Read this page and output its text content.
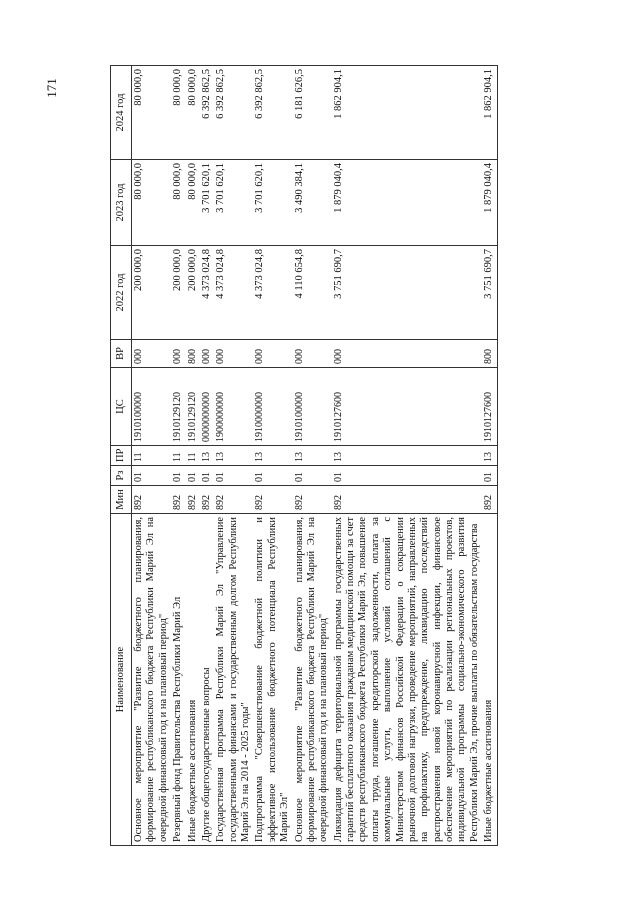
171
Наименование	Мин	Рз	ПР	ЦС	ВР	2022 год	2023 год	2024 год
Основное мероприятие "Развитие бюджетного планирования, формирование республиканского бюджета Республики Марий Эл на очередной финансовый год и на плановый период"	892	01	11	1910100000	000	200 000,0	80 000,0	80 000,0
Резервный фонд Правительства Республики Марий Эл	892	01	11	1910129120	000	200 000,0	80 000,0	80 000,0
Иные бюджетные ассигнования	892	01	11	1910129120	800	200 000,0	80 000,0	80 000,0
Другие общегосударственные вопросы	892	01	13	0000000000	000	4 373 024,8	3 701 620,1	6 392 862,5
Государственная программа Республики Марий Эл "Управление государственными финансами и государственным долгом Республики Марий Эл на 2014 - 2025 годы"	892	01	13	1900000000	000	4 373 024,8	3 701 620,1	6 392 862,5
Подпрограмма "Совершенствование бюджетной политики и эффективное использование бюджетного потенциала Республики Марий Эл"	892	01	13	1910000000	000	4 373 024,8	3 701 620,1	6 392 862,5
Основное мероприятие "Развитие бюджетного планирования, формирование республиканского бюджета Республики Марий Эл на очередной финансовый год и на плановый период"	892	01	13	1910100000	000	4 110 654,8	3 490 384,1	6 181 626,5
Ликвидация дефицита территориальной программы государственных гарантий бесплатного оказания гражданам медицинской помощи за счет средств республиканского бюджета Республики Марий Эл, повышение оплаты труда, погашение кредиторской задолженности, оплата за коммунальные услуги, выполнение условий соглашений с Министерством финансов Российской Федерации о сокращении рыночной долговой нагрузки, проведение мероприятий, направленных на профилактику, предупреждение, ликвидацию последствий распространения новой коронавирусной инфекции, финансовое обеспечение мероприятий по реализации региональных проектов, индивидуальной программы социально-экономического развития Республики Марий Эл, прочие выплаты по обязательствам государства	892	01	13	1910127600	000	3 751 690,7	1 879 040,4	1 862 904,1
Иные бюджетные ассигнования	892	01	13	1910127600	800	3 751 690,7	1 879 040,4	1 862 904,1
